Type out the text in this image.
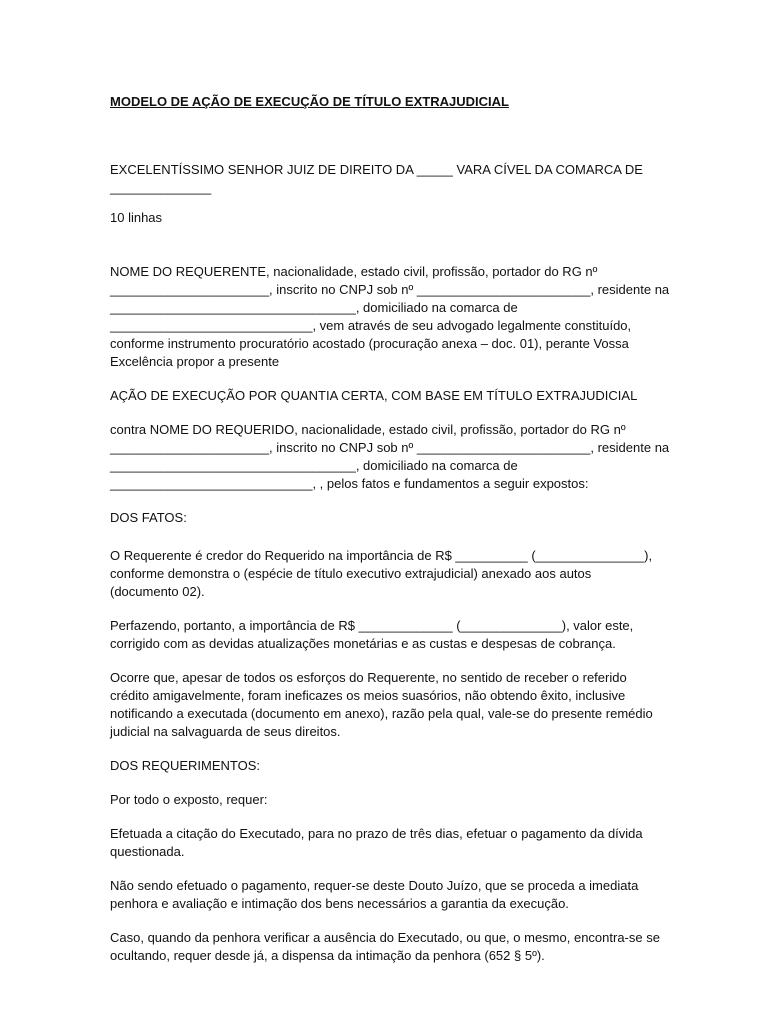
MODELO DE AÇÃO DE EXECUÇÃO DE TÍTULO EXTRAJUDICIAL

EXCELENTÍSSIMO SENHOR JUIZ DE DIREITO DA _____ VARA CÍVEL DA COMARCA DE
______________

10 linhas

NOME DO REQUERENTE, nacionalidade, estado civil, profissão, portador do RG nº
______________________, inscrito no CNPJ sob nº ________________________, residente na
__________________________________, domiciliado na comarca de
____________________________, vem através de seu advogado legalmente constituído,
conforme instrumento procuratório acostado (procuração anexa – doc. 01), perante Vossa
Excelência propor a presente

AÇÃO DE EXECUÇÃO POR QUANTIA CERTA, COM BASE EM TÍTULO EXTRAJUDICIAL

contra NOME DO REQUERIDO, nacionalidade, estado civil, profissão, portador do RG nº
______________________, inscrito no CNPJ sob nº ________________________, residente na
__________________________________, domiciliado na comarca de
____________________________, , pelos fatos e fundamentos a seguir expostos:

DOS FATOS:

O Requerente é credor do Requerido na importância de R$ __________ (_______________),
conforme demonstra o (espécie de título executivo extrajudicial) anexado aos autos
(documento 02).

Perfazendo, portanto, a importância de R$ _____________ (______________), valor este,
corrigido com as devidas atualizações monetárias e as custas e despesas de cobrança.

Ocorre que, apesar de todos os esforços do Requerente, no sentido de receber o referido
crédito amigavelmente, foram ineficazes os meios suasórios, não obtendo êxito, inclusive
notificando a executada (documento em anexo), razão pela qual, vale-se do presente remédio
judicial na salvaguarda de seus direitos.

DOS REQUERIMENTOS:

Por todo o exposto, requer:

Efetuada a citação do Executado, para no prazo de três dias, efetuar o pagamento da dívida
questionada.

Não sendo efetuado o pagamento, requer-se deste Douto Juízo, que se proceda a imediata
penhora e avaliação e intimação dos bens necessários a garantia da execução.

Caso, quando da penhora verificar a ausência do Executado, ou que, o mesmo, encontra-se se
ocultando, requer desde já, a dispensa da intimação da penhora (652 § 5º).
